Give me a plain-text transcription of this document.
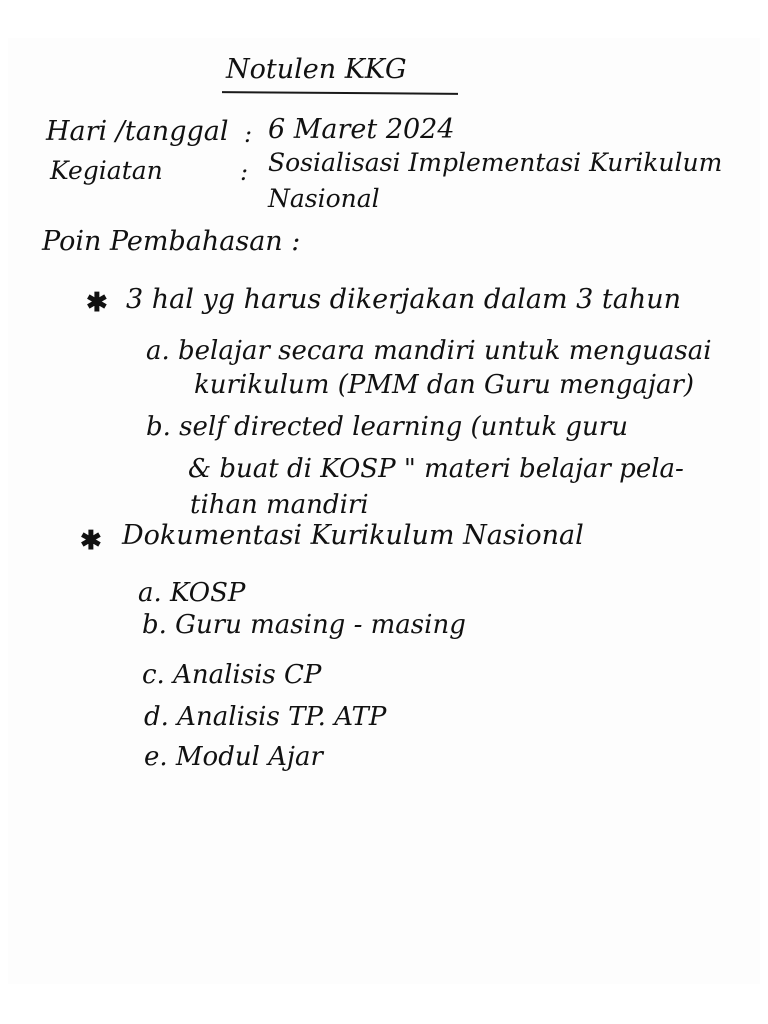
Notulen KKG
Hari /tanggal : 6 Maret 2024
Kegiatan	: Sosialisasi Implementasi Kurikulum
Nasional
Poin Pembahasan :
✱ 3 hal yg harus dikerjakan dalam 3 tahun
a. belajar secara mandiri untuk menguasai
kurikulum (PMM dan Guru mengajar)
b. self directed learning (untuk guru
& buat di KOSP " materi belajar pela-
tihan mandiri
✱ Dokumentasi Kurikulum Nasional
a. KOSP
b. Guru masing - masing
c. Analisis CP
d. Analisis TP. ATP
e. Modul Ajar
